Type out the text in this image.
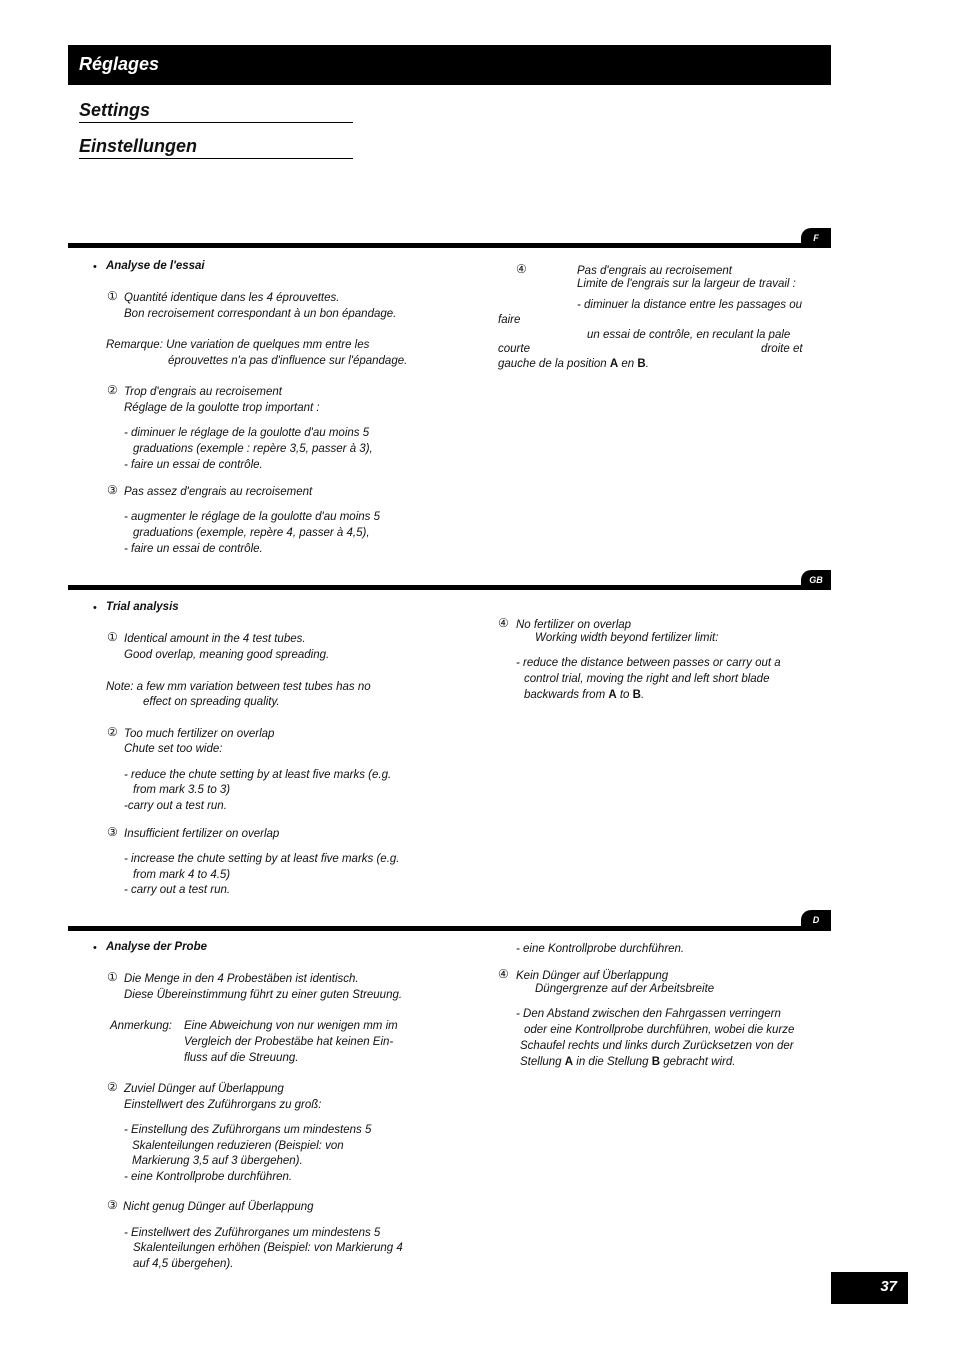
Réglages
Settings
Einstellungen
F
• Analyse de l'essai
① Quantité identique dans les 4 éprouvettes.
Bon recroisement correspondant à un bon épandage.
Remarque: Une variation de quelques mm entre les
éprouvettes n'a pas d'influence sur l'épandage.
② Trop d'engrais au recroisement
Réglage de la goulotte trop important :
- diminuer le réglage de la goulotte d'au moins 5
graduations (exemple : repère 3,5, passer à 3),
- faire un essai de contrôle.
③ Pas assez d'engrais au recroisement
- augmenter le réglage de la goulotte d'au moins 5
graduations (exemple, repère 4, passer à 4,5),
- faire un essai de contrôle.
④	Pas d'engrais au recroisement
Limite de l'engrais sur la largeur de travail :
- diminuer la distance entre les passages ou
faire
un essai de contrôle, en reculant la pale
courte	droite et
gauche de la position A en B.
GB
• Trial analysis
① Identical amount in the 4 test tubes.
Good overlap, meaning good spreading.
Note: a few mm variation between test tubes has no
effect on spreading quality.
② Too much fertilizer on overlap
Chute set too wide:
- reduce the chute setting by at least five marks (e.g.
from mark 3.5 to 3)
-carry out a test run.
③ Insufficient fertilizer on overlap
- increase the chute setting by at least five marks (e.g.
from mark 4 to 4.5)
- carry out a test run.
④ No fertilizer on overlap
Working width beyond fertilizer limit:
- reduce the distance between passes or carry out a
control trial, moving the right and left short blade
backwards from A to B.
D
• Analyse der Probe
① Die Menge in den 4 Probestäben ist identisch.
Diese Übereinstimmung führt zu einer guten Streuung.
Anmerkung: Eine Abweichung von nur wenigen mm im
Vergleich der Probestäbe hat keinen Ein-
fluss auf die Streuung.
② Zuviel Dünger auf Überlappung
Einstellwert des Zuführorgans zu groß:
- Einstellung des Zuführorgans um mindestens 5
Skalenteilungen reduzieren (Beispiel: von
Markierung 3,5 auf 3 übergehen).
- eine Kontrollprobe durchführen.
③ Nicht genug Dünger auf Überlappung
- Einstellwert des Zuführorganes um mindestens 5
Skalenteilungen erhöhen (Beispiel: von Markierung 4
auf 4,5 übergehen).
- eine Kontrollprobe durchführen.
④ Kein Dünger auf Überlappung
Düngergrenze auf der Arbeitsbreite
- Den Abstand zwischen den Fahrgassen verringern
oder eine Kontrollprobe durchführen, wobei die kurze
Schaufel rechts und links durch Zurücksetzen von der
Stellung A in die Stellung B gebracht wird.
37
